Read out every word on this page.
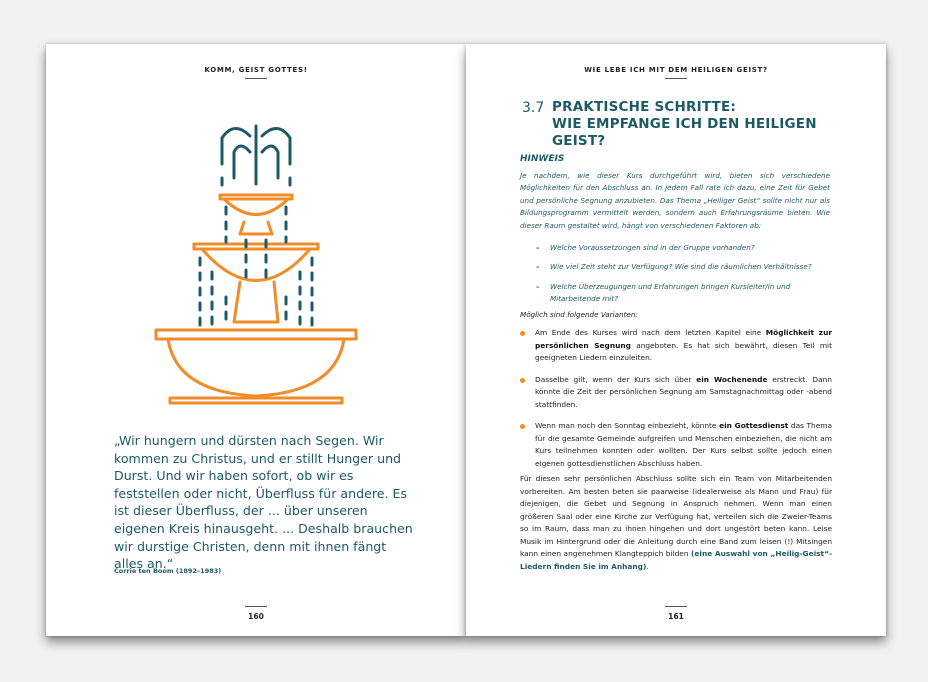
KOMM, GEIST GOTTES!

„Wir hungern und dürsten nach Segen. Wir kommen zu Christus, und er stillt Hunger und Durst. Und wir haben sofort, ob wir es feststellen oder nicht, Überfluss für andere. Es ist dieser Überfluss, der ... über unseren eigenen Kreis hinausgeht. ... Deshalb brauchen wir durstige Christen, denn mit ihnen fängt alles an.“

Corrie ten Boom (1892–1983)
160
WIE LEBE ICH MIT DEM HEILIGEN GEIST?
3.7 PRAKTISCHE SCHRITTE:
WIE EMPFANGE ICH DEN HEILIGEN GEIST?
HINWEIS

Je nachdem, wie dieser Kurs durchgeführt wird, bieten sich verschiedene Möglichkeiten für den Abschluss an. In jedem Fall rate ich dazu, eine Zeit für Gebet und persönliche Segnung anzubieten. Das Thema „Heiliger Geist“ sollte nicht nur als Bildungsprogramm vermittelt werden, sondern auch Erfahrungsräume bieten. Wie dieser Raum gestaltet wird, hängt von verschiedenen Faktoren ab:

– Welche Voraussetzungen sind in der Gruppe vorhanden?
– Wie viel Zeit steht zur Verfügung? Wie sind die räumlichen Verhältnisse?
– Welche Überzeugungen und Erfahrungen bringen Kursleiter/in und Mitarbeitende mit?
Möglich sind folgende Varianten:
Am Ende des Kurses wird nach dem letzten Kapitel eine Möglichkeit zur persönlichen Segnung angeboten. Es hat sich bewährt, diesen Teil mit geeigneten Liedern einzuleiten.
Dasselbe gilt, wenn der Kurs sich über ein Wochenende erstreckt. Dann könnte die Zeit der persönlichen Segnung am Samstagnachmittag oder -abend stattfinden.
Wenn man noch den Sonntag einbezieht, könnte ein Gottesdienst das Thema für die gesamte Gemeinde aufgreifen und Menschen einbeziehen, die nicht am Kurs teilnehmen konnten oder wollten. Der Kurs selbst sollte jedoch einen eigenen gottesdienstlichen Abschluss haben.

Für diesen sehr persönlichen Abschluss sollte sich ein Team von Mitarbeitenden vorbereiten. Am besten beten sie paarweise (idealerweise als Mann und Frau) für diejenigen, die Gebet und Segnung in Anspruch nehmen. Wenn man einen größeren Saal oder eine Kirche zur Verfügung hat, verteilen sich die Zweier-Teams so im Raum, dass man zu ihnen hingehen und dort ungestört beten kann. Leise Musik im Hintergrund oder die Anleitung durch eine Band zum leisen (!) Mitsingen kann einen angenehmen Klangteppich bilden (eine Auswahl von „Heilig-Geist“-Liedern finden Sie im Anhang).

161
